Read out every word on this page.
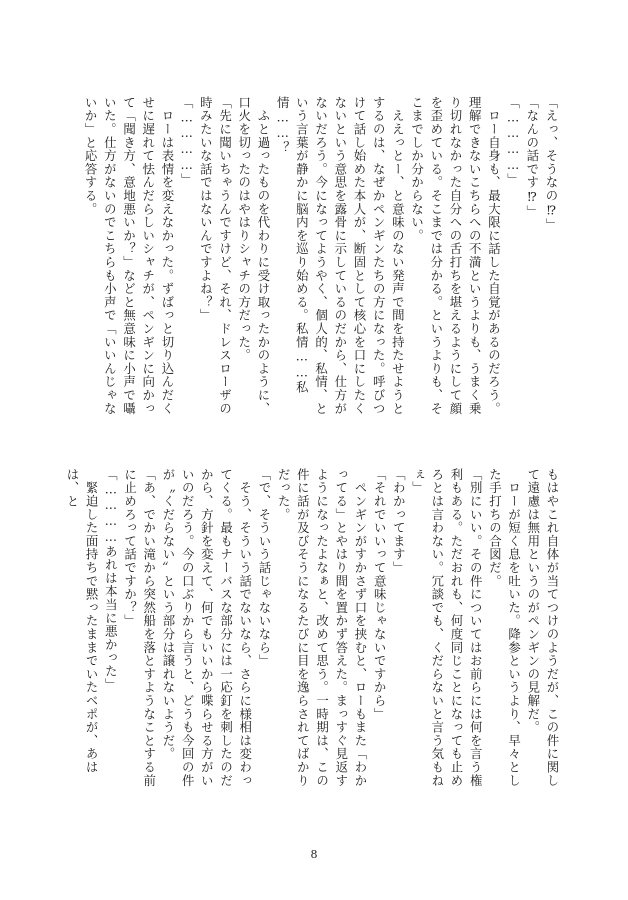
「えっ、そうなの⁉」

「なんの話です⁉」

「…………」

　ロー自身も、最大限に話した自覚があるのだろう。理解できないこちらへの不満というよりも、うまく乗り切れなかった自分への舌打ちを堪えるようにして顔を歪めている。そこまでは分かる。というよりも、そこまでしか分からない。

　ええっとー、と意味のない発声で間を持たせようとするのは、なぜかペンギンたちの方になった。呼びつけて話し始めた本人が、断固として核心を口にしたくないという意思を露骨に示しているのだから、仕方がないだろう。今になってようやく、個人的、私情、という言葉が静かに脳内を巡り始める。私情……私情……？

　ふと過ったものを代わりに受け取ったかのように、口火を切ったのはやはりシャチの方だった。

「先に聞いちゃうんですけど、それ、ドレスローザの時みたいな話ではないんですよね？」

「…………」

　ローは表情を変えなかった。ずばっと切り込んだくせに遅れて怯んだらしいシャチが、ペンギンに向かって「聞き方、意地悪いか？」などと無意味に小声で囁いた。仕方がないのでこちらも小声で「いいんじゃないか」と応答する。

もはやこれ自体が当てつけのようだが、この件に関して遠慮は無用というのがペンギンの見解だ。

　ローが短く息を吐いた。降参というより、早々とした手打ちの合図だ。

「別にいい。その件についてはお前らには何を言う権利もある。ただおれも、何度同じことになっても止めろとは言わない。冗談でも、くだらないと言う気もねぇ」

「わかってます」

「それでいいって意味じゃないですから」

　ペンギンがすかさず口を挟むと、ローもまた「わかってる」とやはり間を置かず答えた。まっすぐ見返すようになったよなぁと、改めて思う。一時期は、この件に話が及びそうになるたびに目を逸らされてばかりだった。

「で、そういう話じゃないなら」

　そう、そういう話でないなら、さらに様相は変わってくる。最もナーバスな部分には一応釘を刺したのだから、方針を変えて、何でもいいから喋らせる方がいいのだろう。今の口ぶりから言うと、どうも今回の件が〝くだらない〟という部分は譲れないようだ。

「あ、でかい滝から突然船を落とすようなことする前に止めろって話ですか？」

「…………あれは本当に悪かった」

　緊迫した面持ちで黙ったままでいたベポが、あはは、と

8
